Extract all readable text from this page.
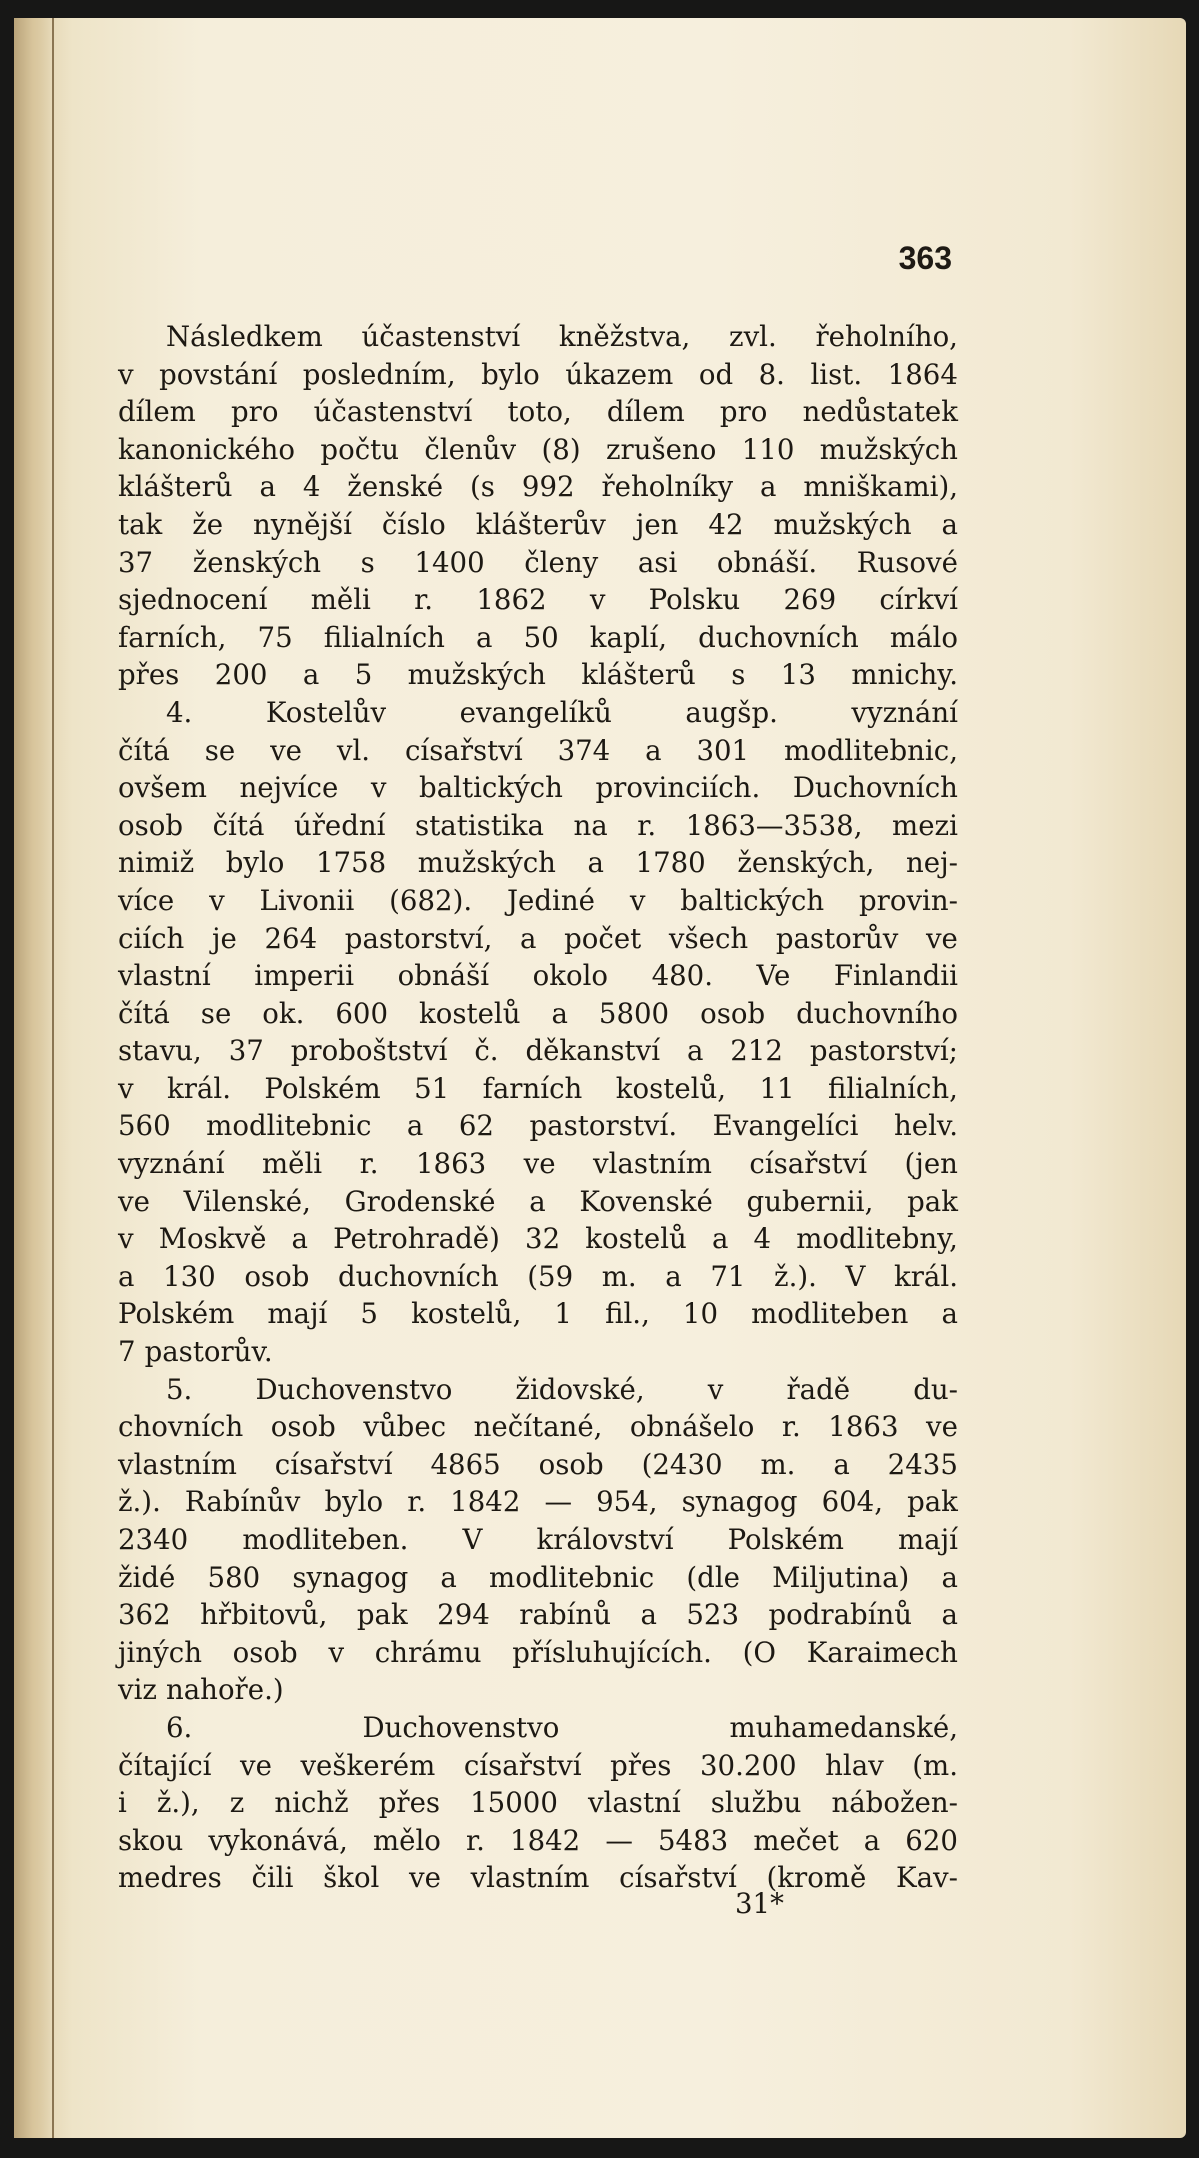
363
Následkem účastenství kněžstva, zvl. řeholního,
v povstání posledním, bylo úkazem od 8. list. 1864
dílem pro účastenství toto, dílem pro nedůstatek
kanonického počtu členův (8) zrušeno 110 mužských
klášterů a 4 ženské (s 992 řeholníky a mniškami),
tak že nynější číslo klášterův jen 42 mužských a
37 ženských s 1400 členy asi obnáší. Rusové
sjednocení měli r. 1862 v Polsku 269 církví
farních, 75 filialních a 50 kaplí, duchovních málo
přes 200 a 5 mužských klášterů s 13 mnichy.
4.	Kostelův	evangelíků	augšp.	vyznání
čítá se ve vl. císařství 374 a 301 modlitebnic,
ovšem nejvíce v baltických provinciích. Duchovních
osob čítá úřední statistika na r. 1863—3538, mezi
nimiž bylo 1758 mužských a 1780 ženských, nej-
více v Livonii (682). Jediné v baltických provin-
ciích je 264 pastorství, a počet všech pastorův ve
vlastní imperii obnáší okolo 480. Ve Finlandii
čítá se ok. 600 kostelů a 5800 osob duchovního
stavu, 37 proboštství č. děkanství a 212 pastorství;
v král. Polském 51 farních kostelů, 11 filialních,
560 modlitebnic a 62 pastorství. Evangelíci helv.
vyznání měli r. 1863 ve vlastním císařství (jen
ve Vilenské, Grodenské a Kovenské gubernii, pak
v Moskvě a Petrohradě) 32 kostelů a 4 modlitebny,
a 130 osob duchovních (59 m. a 71 ž.). V král.
Polském mají 5 kostelů, 1 fil., 10 modliteben a
7 pastorův.
5. Duchovenstvo židovské, v řadě du-
chovních osob vůbec nečítané, obnášelo r. 1863 ve
vlastním císařství 4865 osob (2430 m. a 2435
ž.). Rabínův bylo r. 1842 — 954, synagog 604, pak
2340 modliteben. V království Polském mají
židé 580 synagog a modlitebnic (dle Miljutina) a
362 hřbitovů, pak 294 rabínů a 523 podrabínů a
jiných osob v chrámu přísluhujících. (O Karaimech
viz nahoře.)
6.	Duchovenstvo	muhamedanské,
čítající ve veškerém císařství přes 30.200 hlav (m.
i ž.), z nichž přes 15000 vlastní službu nábožen-
skou vykonává, mělo r. 1842 — 5483 mečet a 620
medres čili škol ve vlastním císařství (kromě Kav-
31*
